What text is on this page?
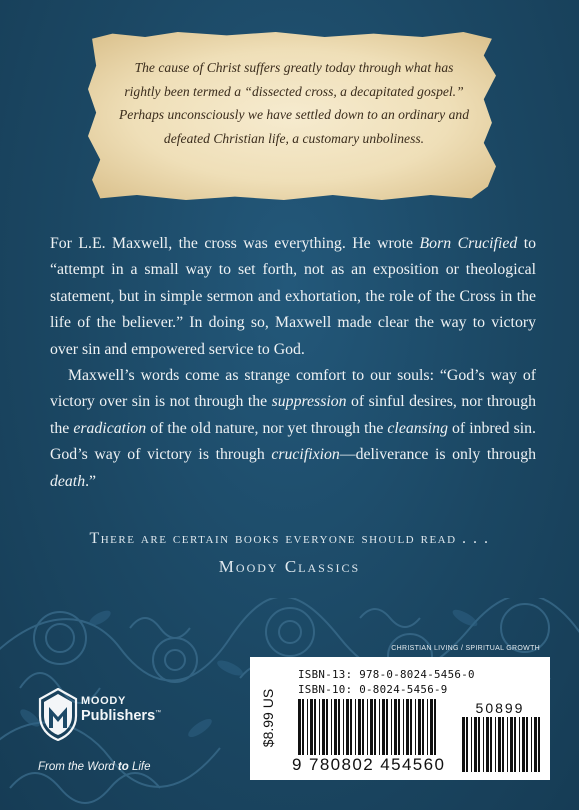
The cause of Christ suffers greatly today through what has rightly been termed a “dissected cross, a decapitated gospel.” Perhaps unconsciously we have settled down to an ordinary and defeated Christian life, a customary unboliness.

For L.E. Maxwell, the cross was everything. He wrote Born Crucified to “attempt in a small way to set forth, not as an exposition or theological statement, but in simple sermon and exhortation, the role of the Cross in the life of the believer.” In doing so, Maxwell made clear the way to victory over sin and empowered service to God.

Maxwell’s words come as strange comfort to our souls: “God’s way of victory over sin is not through the suppression of sinful desires, nor through the eradication of the old nature, nor yet through the cleansing of inbred sin. God’s way of victory is through crucifixion—deliverance is only through death.”

There are certain books everyone should read . . .
Moody Classics
CHRISTIAN LIVING / SPIRITUAL GROWTH
$8.99 US
ISBN-13: 978-0-8024-5456-0
ISBN-10: 0-8024-5456-9
9 780802 454560
50899
MOODY
Publishers™
From the Word to Life
